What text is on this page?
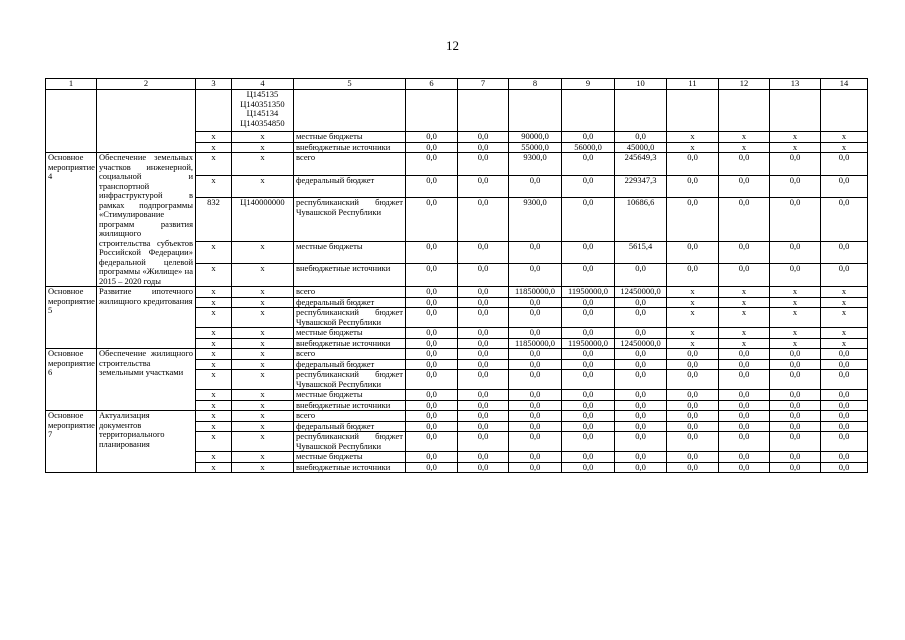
12
1	2	3	4	5	6	7	8	9	10	11	12	13	14
			Ц145135 Ц140351350 Ц145134 Ц140354850										
		x	x	местные бюджеты	0,0	0,0	90000,0	0,0	0,0	x	x	x	x
		x	x	внебюджетные источники	0,0	0,0	55000,0	56000,0	45000,0	x	x	x	x
Основное мероприятие 4	Обеспечение земельных участков инженерной, социальной и транспортной инфраструктурой в рамках подпрограммы «Стимулирование программ развития жилищного строительства субъектов Российской Федерации» федеральной целевой программы «Жилище» на 2015 – 2020 годы	x	x	всего	0,0	0,0	9300,0	0,0	245649,3	0,0	0,0	0,0	0,0
		x	x	федеральный бюджет	0,0	0,0	0,0	0,0	229347,3	0,0	0,0	0,0	0,0
		832	Ц140000000	республиканский бюджет Чувашской Республики	0,0	0,0	9300,0	0,0	10686,6	0,0	0,0	0,0	0,0
		x	x	местные бюджеты	0,0	0,0	0,0	0,0	5615,4	0,0	0,0	0,0	0,0
		x	x	внебюджетные источники	0,0	0,0	0,0	0,0	0,0	0,0	0,0	0,0	0,0
Основное мероприятие 5	Развитие ипотечного жилищного кредитования	x	x	всего	0,0	0,0	11850000,0	11950000,0	12450000,0	x	x	x	x
		x	x	федеральный бюджет	0,0	0,0	0,0	0,0	0,0	x	x	x	x
		x	x	республиканский бюджет Чувашской Республики	0,0	0,0	0,0	0,0	0,0	x	x	x	x
		x	x	местные бюджеты	0,0	0,0	0,0	0,0	0,0	x	x	x	x
		x	x	внебюджетные источники	0,0	0,0	11850000,0	11950000,0	12450000,0	x	x	x	x
Основное мероприятие 6	Обеспечение жилищного строительства земельными участками	x	x	всего	0,0	0,0	0,0	0,0	0,0	0,0	0,0	0,0	0,0
		x	x	федеральный бюджет	0,0	0,0	0,0	0,0	0,0	0,0	0,0	0,0	0,0
		x	x	республиканский бюджет Чувашской Республики	0,0	0,0	0,0	0,0	0,0	0,0	0,0	0,0	0,0
		x	x	местные бюджеты	0,0	0,0	0,0	0,0	0,0	0,0	0,0	0,0	0,0
		x	x	внебюджетные источники	0,0	0,0	0,0	0,0	0,0	0,0	0,0	0,0	0,0
Основное мероприятие 7	Актуализация документов территориального планирования	x	x	всего	0,0	0,0	0,0	0,0	0,0	0,0	0,0	0,0	0,0
		x	x	федеральный бюджет	0,0	0,0	0,0	0,0	0,0	0,0	0,0	0,0	0,0
		x	x	республиканский бюджет Чувашской Республики	0,0	0,0	0,0	0,0	0,0	0,0	0,0	0,0	0,0
		x	x	местные бюджеты	0,0	0,0	0,0	0,0	0,0	0,0	0,0	0,0	0,0
		x	x	внебюджетные источники	0,0	0,0	0,0	0,0	0,0	0,0	0,0	0,0	0,0
